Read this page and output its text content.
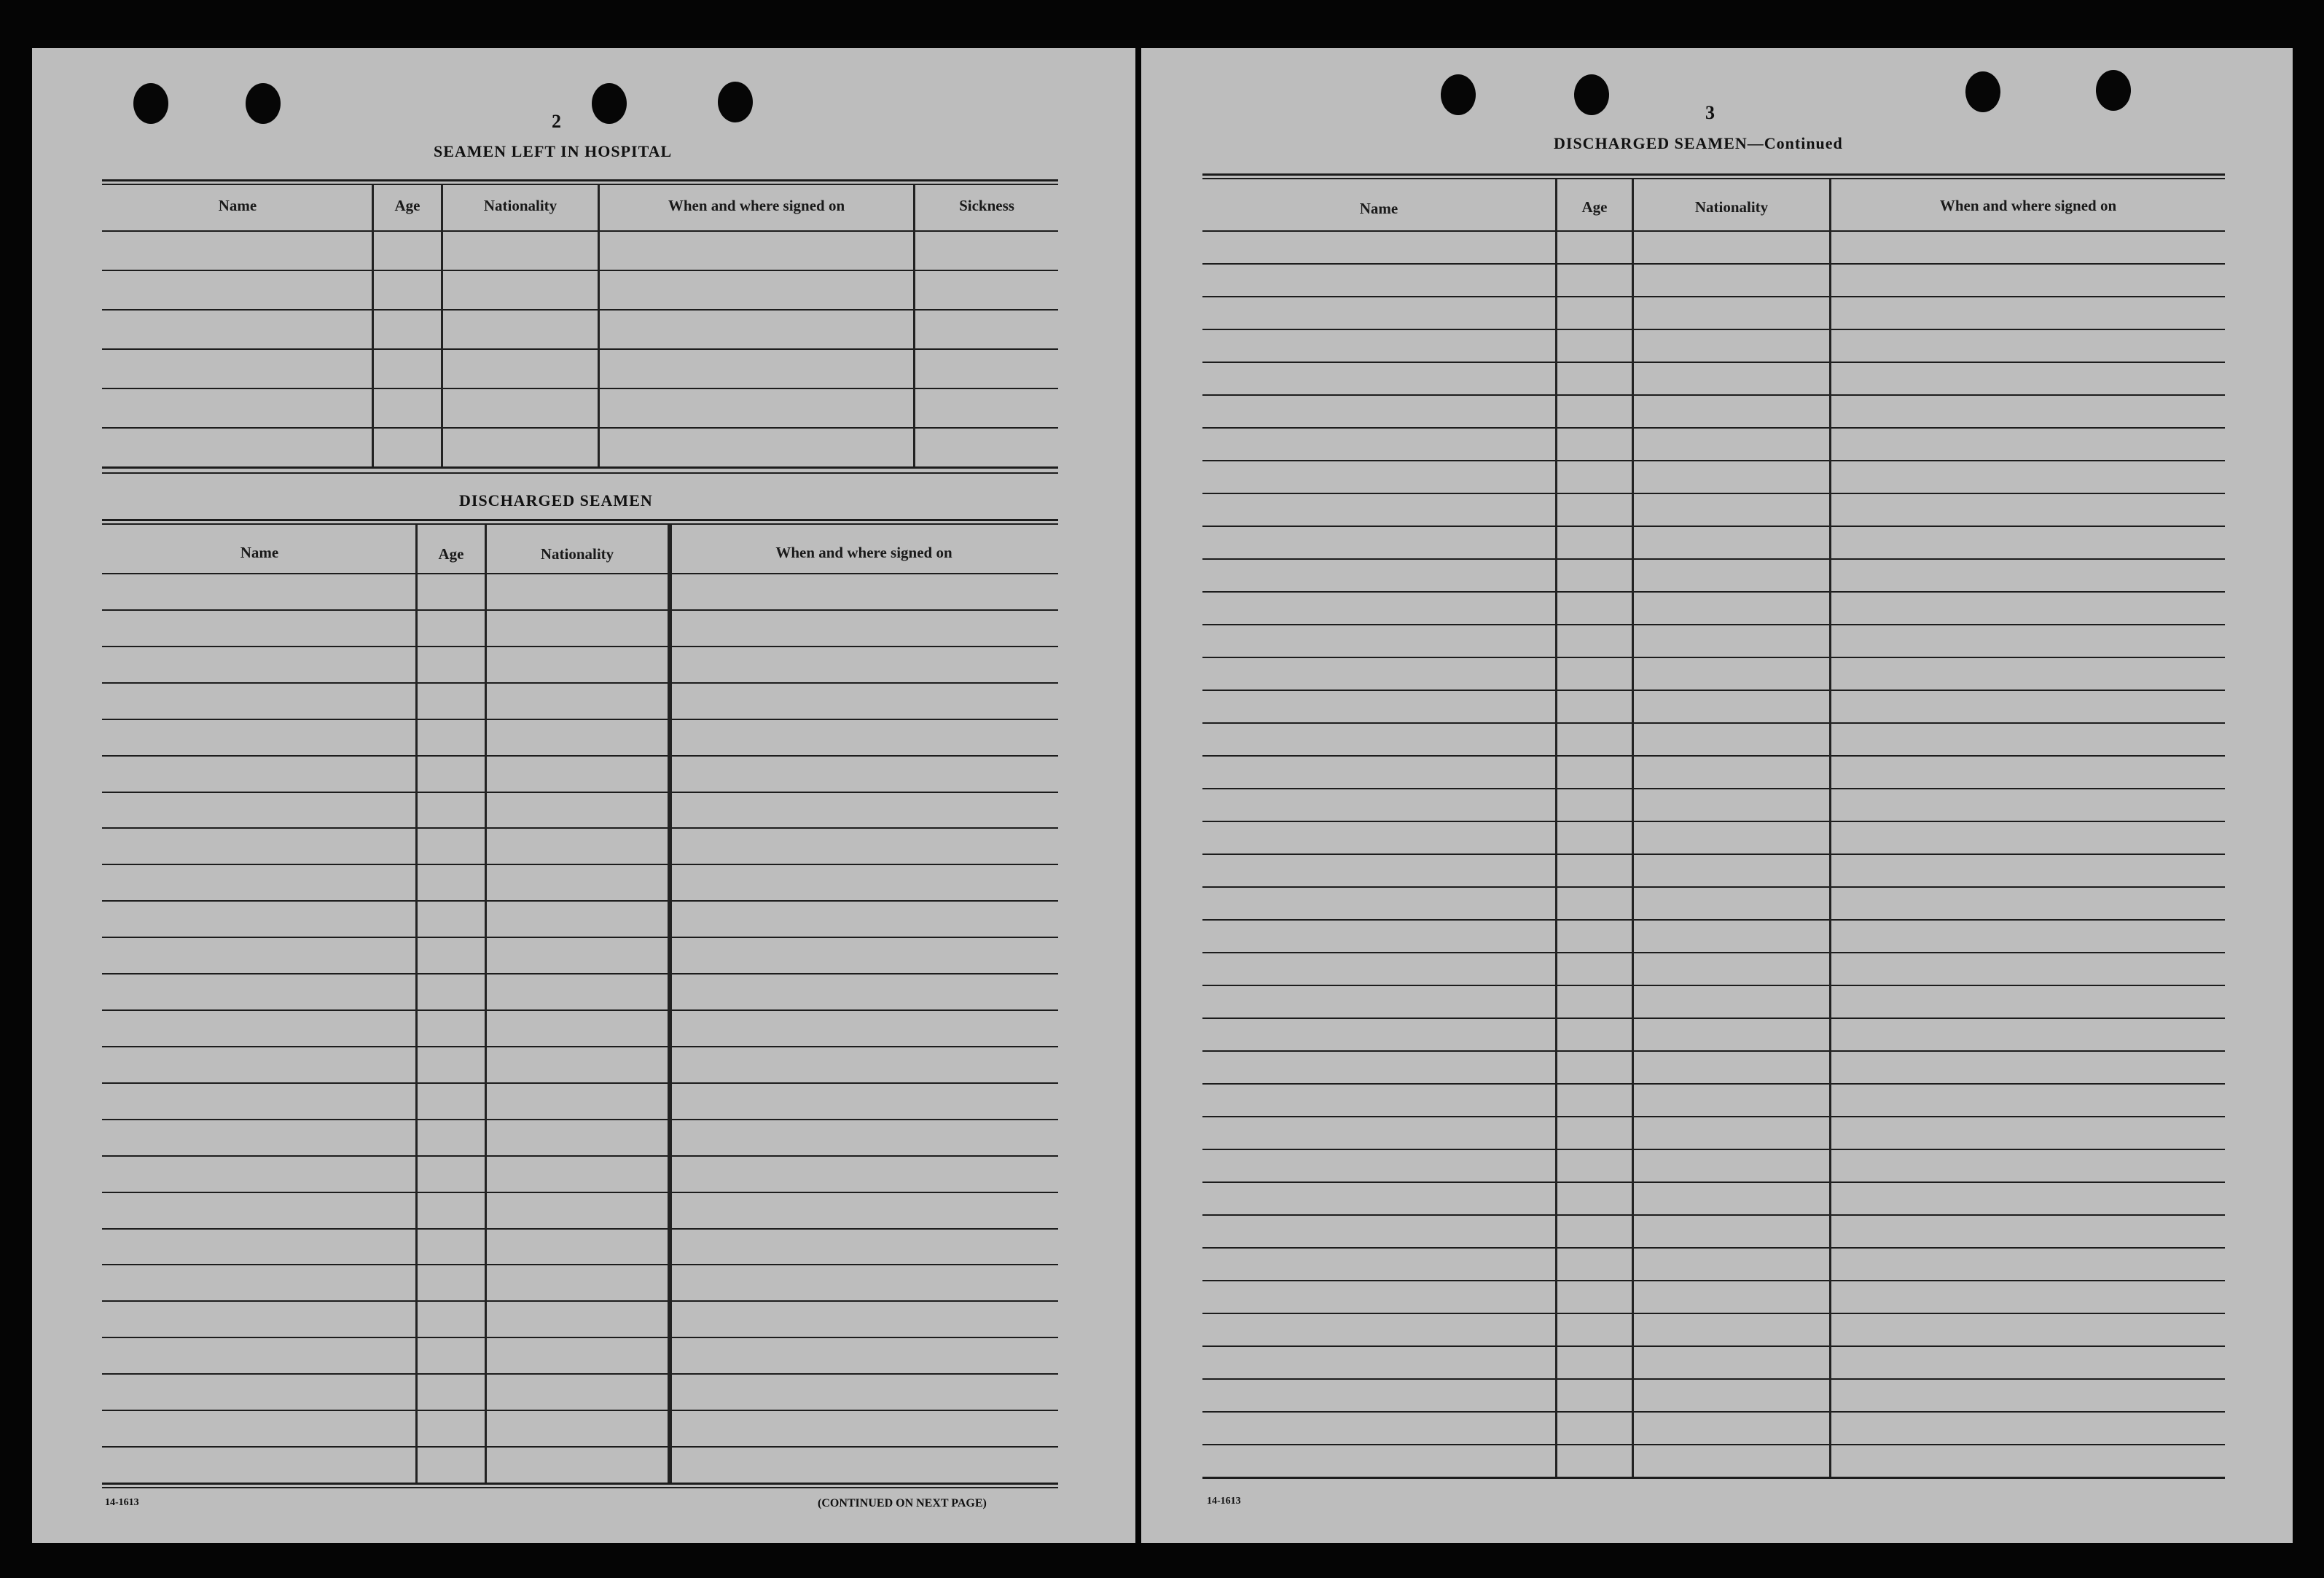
2
SEAMEN LEFT IN HOSPITAL
DISCHARGED SEAMEN
3
DISCHARGED SEAMEN—Continued
Name	Age	Nationality	When and where signed on	Sickness
Name	Age	Nationality	When and where signed on
Name	Age	Nationality	When and where signed on
14-1613	(CONTINUED ON NEXT PAGE)	14-1613
